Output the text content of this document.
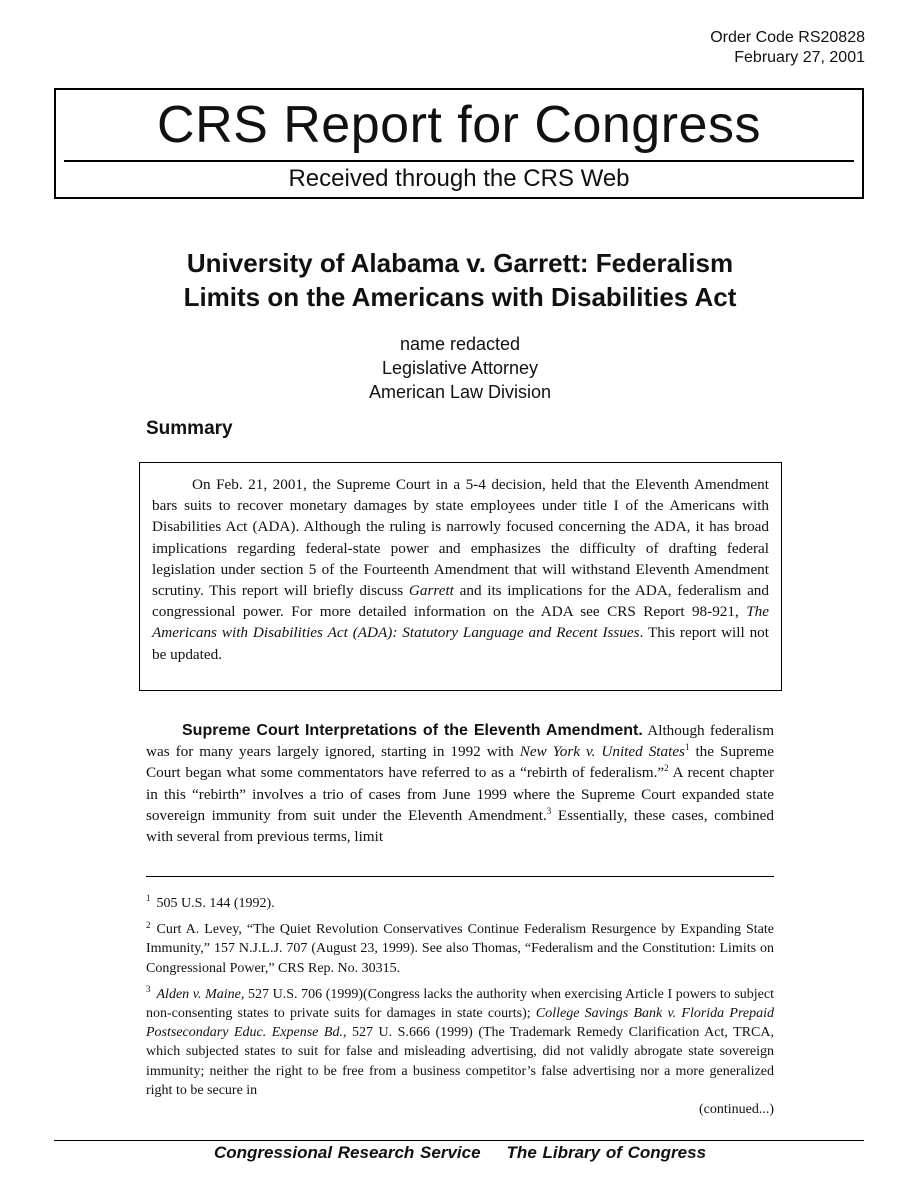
Order Code RS20828
February 27, 2001
CRS Report for Congress
Received through the CRS Web
University of Alabama v. Garrett: Federalism
Limits on the Americans with Disabilities Act
name redacted
Legislative Attorney
American Law Division
Summary

On Feb. 21, 2001, the Supreme Court in a 5-4 decision, held that the Eleventh Amendment bars suits to recover monetary damages by state employees under title I of the Americans with Disabilities Act (ADA). Although the ruling is narrowly focused concerning the ADA, it has broad implications regarding federal-state power and emphasizes the difficulty of drafting federal legislation under section 5 of the Fourteenth Amendment that will withstand Eleventh Amendment scrutiny. This report will briefly discuss Garrett and its implications for the ADA, federalism and congressional power. For more detailed information on the ADA see CRS Report 98-921, The Americans with Disabilities Act (ADA): Statutory Language and Recent Issues. This report will not be updated.

Supreme Court Interpretations of the Eleventh Amendment. Although federalism was for many years largely ignored, starting in 1992 with New York v. United States$^1$ the Supreme Court began what some commentators have referred to as a “rebirth of federalism.”$^2$ A recent chapter in this “rebirth” involves a trio of cases from June 1999 where the Supreme Court expanded state sovereign immunity from suit under the Eleventh Amendment.$^3$ Essentially, these cases, combined with several from previous terms, limit

$^1$ 505 U.S. 144 (1992).

$^2$ Curt A. Levey, “The Quiet Revolution Conservatives Continue Federalism Resurgence by Expanding State Immunity,” 157 N.J.L.J. 707 (August 23, 1999). See also Thomas, “Federalism and the Constitution: Limits on Congressional Power,” CRS Rep. No. 30315.

$^3$ Alden v. Maine, 527 U.S. 706 (1999)(Congress lacks the authority when exercising Article I powers to subject non-consenting states to private suits for damages in state courts); College Savings Bank v. Florida Prepaid Postsecondary Educ. Expense Bd., 527 U. S.666 (1999) (The Trademark Remedy Clarification Act, TRCA, which subjected states to suit for false and misleading advertising, did not validly abrogate state sovereign immunity; neither the right to be free from a business competitor’s false advertising nor a more generalized right to be secure in

(continued...)

Congressional Research Service The Library of Congress
